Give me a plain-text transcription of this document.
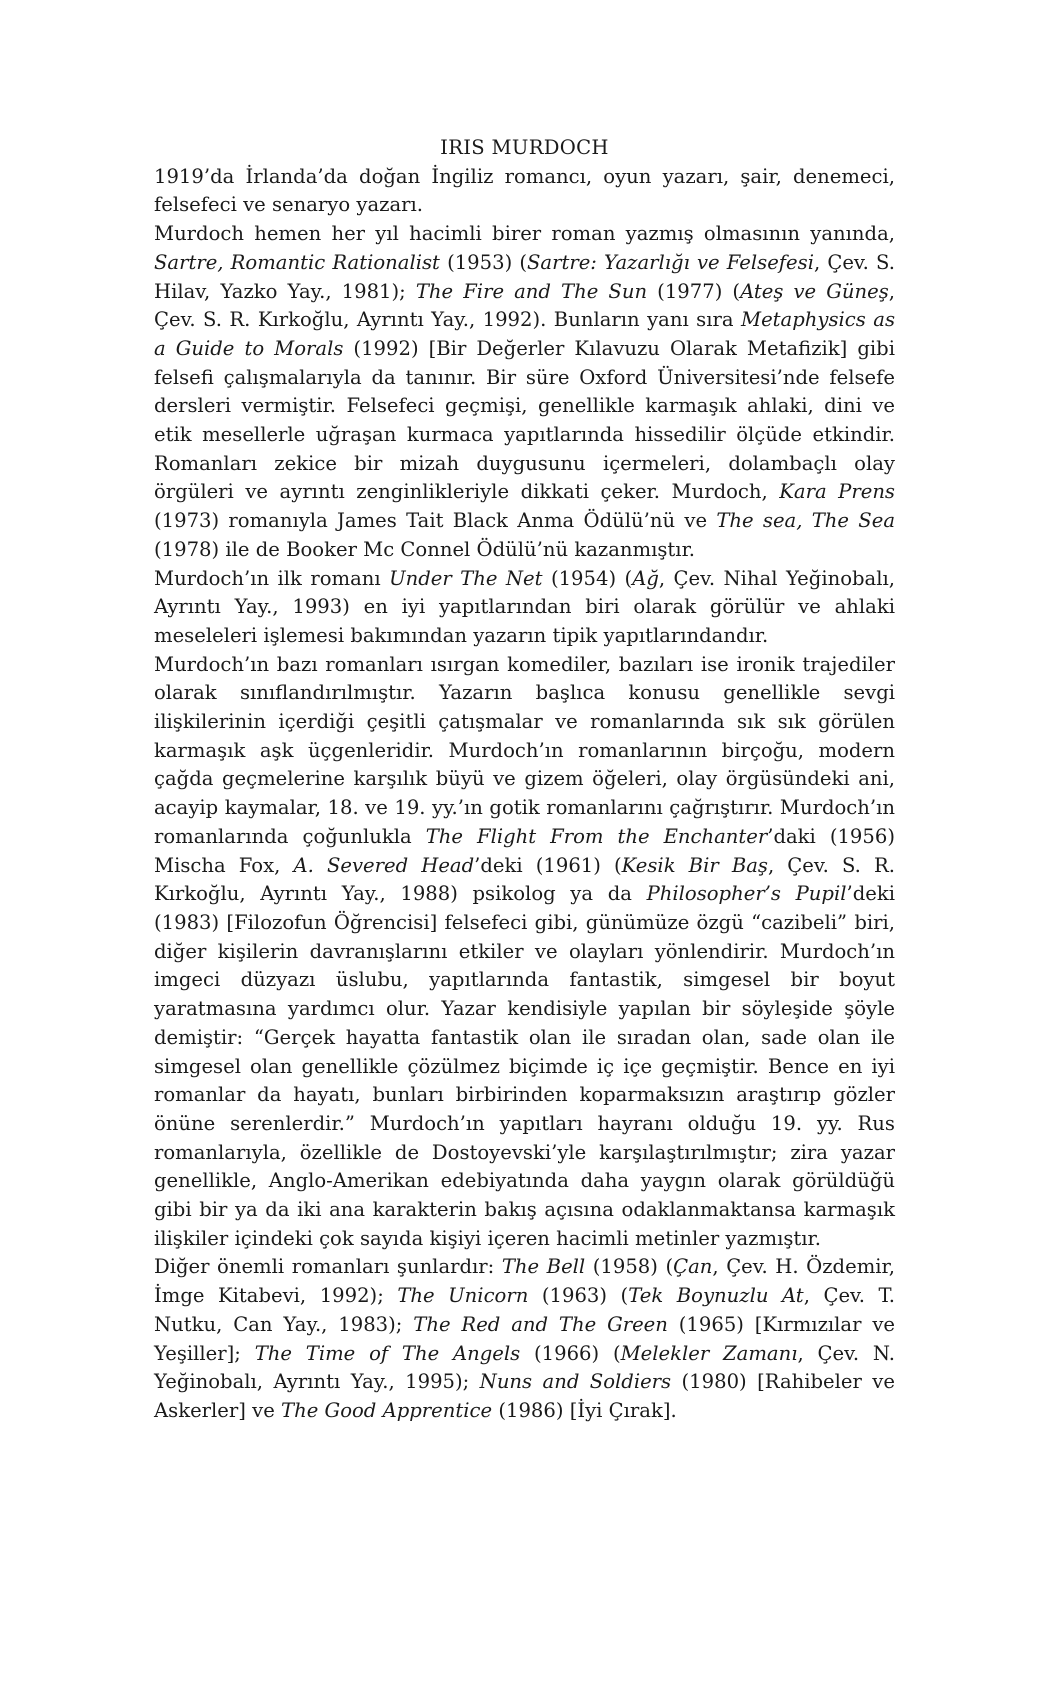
IRIS MURDOCH

1919’da İrlanda’da doğan İngiliz romancı, oyun yazarı, şair, denemeci, felsefeci ve senaryo yazarı.

Murdoch hemen her yıl hacimli birer roman yazmış olmasının yanında, Sartre, Romantic Rationalist (1953) (Sartre: Yazarlığı ve Felsefesi, Çev. S. Hilav, Yazko Yay., 1981); The Fire and The Sun (1977) (Ateş ve Güneş, Çev. S. R. Kırkoğlu, Ayrıntı Yay., 1992). Bunların yanı sıra Metaphysics as a Guide to Morals (1992) [Bir Değerler Kılavuzu Olarak Metafizik] gibi felsefi çalışmalarıyla da tanınır. Bir süre Oxford Üniversitesi’nde felsefe dersleri vermiştir. Felsefeci geçmişi, genellikle karmaşık ahlaki, dini ve etik mesellerle uğraşan kurmaca yapıtlarında hissedilir ölçüde etkindir. Romanları zekice bir mizah duygusunu içermeleri, dolambaçlı olay örgüleri ve ayrıntı zenginlikleriyle dikkati çeker. Murdoch, Kara Prens (1973) romanıyla James Tait Black Anma Ödülü’nü ve The sea, The Sea (1978) ile de Booker Mc Connel Ödülü’nü kazanmıştır.

Murdoch’ın ilk romanı Under The Net (1954) (Ağ, Çev. Nihal Yeğinobalı, Ayrıntı Yay., 1993) en iyi yapıtlarından biri olarak görülür ve ahlaki meseleleri işlemesi bakımından yazarın tipik yapıtlarındandır.

Murdoch’ın bazı romanları ısırgan komediler, bazıları ise ironik trajediler olarak sınıflandırılmıştır. Yazarın başlıca konusu genellikle sevgi ilişkilerinin içerdiği çeşitli çatışmalar ve romanlarında sık sık görülen karmaşık aşk üçgenleridir. Murdoch’ın romanlarının birçoğu, modern çağda geçmelerine karşılık büyü ve gizem öğeleri, olay örgüsündeki ani, acayip kaymalar, 18. ve 19. yy.’ın gotik romanlarını çağrıştırır. Murdoch’ın romanlarında çoğunlukla The Flight From the Enchanter’daki (1956) Mischa Fox, A. Severed Head’deki (1961) (Kesik Bir Baş, Çev. S. R. Kırkoğlu, Ayrıntı Yay., 1988) psikolog ya da Philosopher’s Pupil’deki (1983) [Filozofun Öğrencisi] felsefeci gibi, günümüze özgü “cazibeli” biri, diğer kişilerin davranışlarını etkiler ve olayları yönlendirir. Murdoch’ın imgeci düzyazı üslubu, yapıtlarında fantastik, simgesel bir boyut yaratmasına yardımcı olur. Yazar kendisiyle yapılan bir söyleşide şöyle demiştir: “Gerçek hayatta fantastik olan ile sıradan olan, sade olan ile simgesel olan genellikle çözülmez biçimde iç içe geçmiştir. Bence en iyi romanlar da hayatı, bunları birbirinden koparmaksızın araştırıp gözler önüne serenlerdir.” Murdoch’ın yapıtları hayranı olduğu 19. yy. Rus romanlarıyla, özellikle de Dostoyevski’yle karşılaştırılmıştır; zira yazar genellikle, Anglo-Amerikan edebiyatında daha yaygın olarak görüldüğü gibi bir ya da iki ana karakterin bakış açısına odaklanmaktansa karmaşık ilişkiler içindeki çok sayıda kişiyi içeren hacimli metinler yazmıştır.

Diğer önemli romanları şunlardır: The Bell (1958) (Çan, Çev. H. Özdemir, İmge Kitabevi, 1992); The Unicorn (1963) (Tek Boynuzlu At, Çev. T. Nutku, Can Yay., 1983); The Red and The Green (1965) [Kırmızılar ve Yeşiller]; The Time of The Angels (1966) (Melekler Zamanı, Çev. N. Yeğinobalı, Ayrıntı Yay., 1995); Nuns and Soldiers (1980) [Rahibeler ve Askerler] ve The Good Apprentice (1986) [İyi Çırak].
